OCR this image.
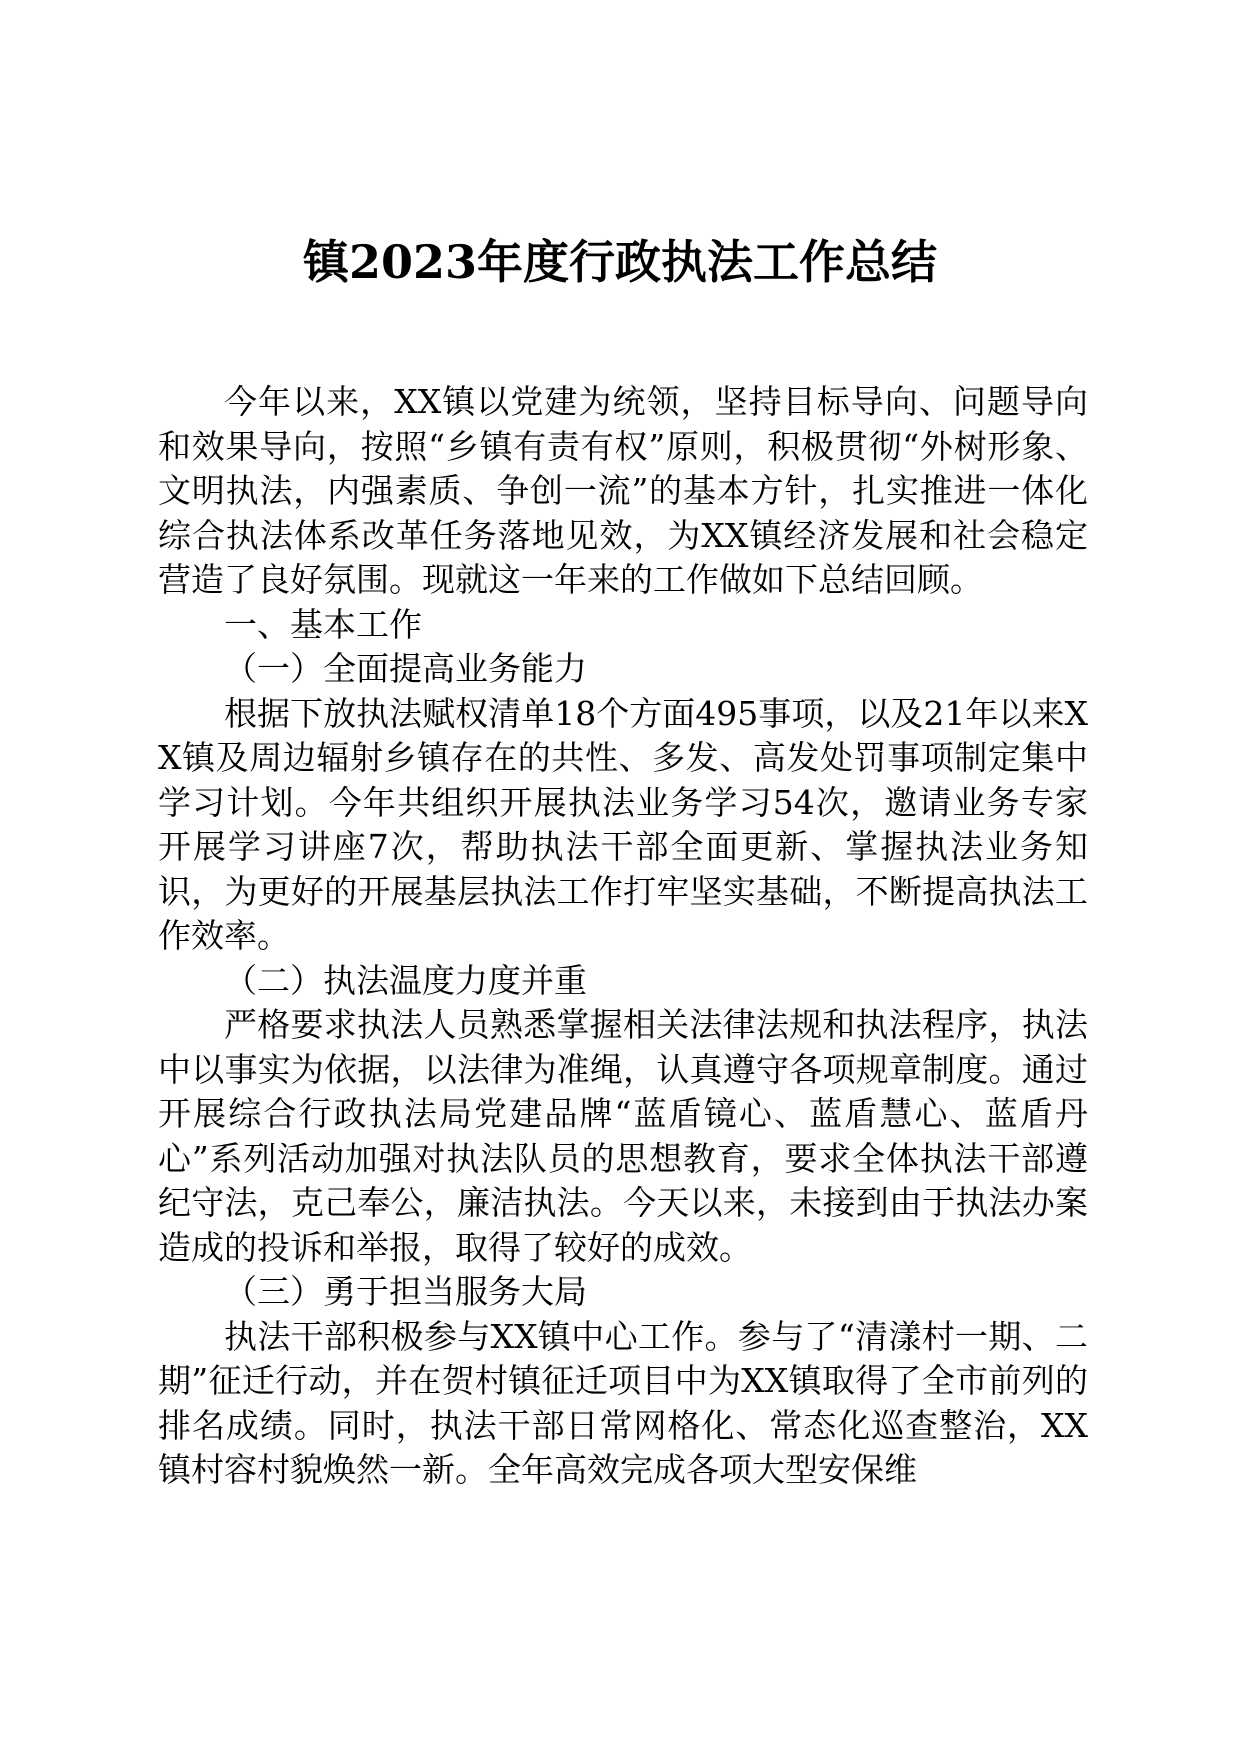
镇2023年度行政执法工作总结

今年以来，XX镇以党建为统领，坚持目标导向、问题导向和效果导向，按照“乡镇有责有权”原则，积极贯彻“外树形象、文明执法，内强素质、争创一流”的基本方针，扎实推进一体化综合执法体系改革任务落地见效，为XX镇经济发展和社会稳定营造了良好氛围。现就这一年来的工作做如下总结回顾。

一、基本工作

（一）全面提高业务能力

根据下放执法赋权清单18个方面495事项，以及21年以来XX镇及周边辐射乡镇存在的共性、多发、高发处罚事项制定集中学习计划。今年共组织开展执法业务学习54次，邀请业务专家开展学习讲座7次，帮助执法干部全面更新、掌握执法业务知识，为更好的开展基层执法工作打牢坚实基础，不断提高执法工作效率。

（二）执法温度力度并重

严格要求执法人员熟悉掌握相关法律法规和执法程序，执法中以事实为依据，以法律为准绳，认真遵守各项规章制度。通过开展综合行政执法局党建品牌“蓝盾镜心、蓝盾慧心、蓝盾丹心”系列活动加强对执法队员的思想教育，要求全体执法干部遵纪守法，克己奉公，廉洁执法。今天以来，未接到由于执法办案造成的投诉和举报，取得了较好的成效。

（三）勇于担当服务大局

执法干部积极参与XX镇中心工作。参与了“清漾村一期、二期”征迁行动，并在贺村镇征迁项目中为XX镇取得了全市前列的排名成绩。同时，执法干部日常网格化、常态化巡查整治，XX镇村容村貌焕然一新。全年高效完成各项大型安保维
